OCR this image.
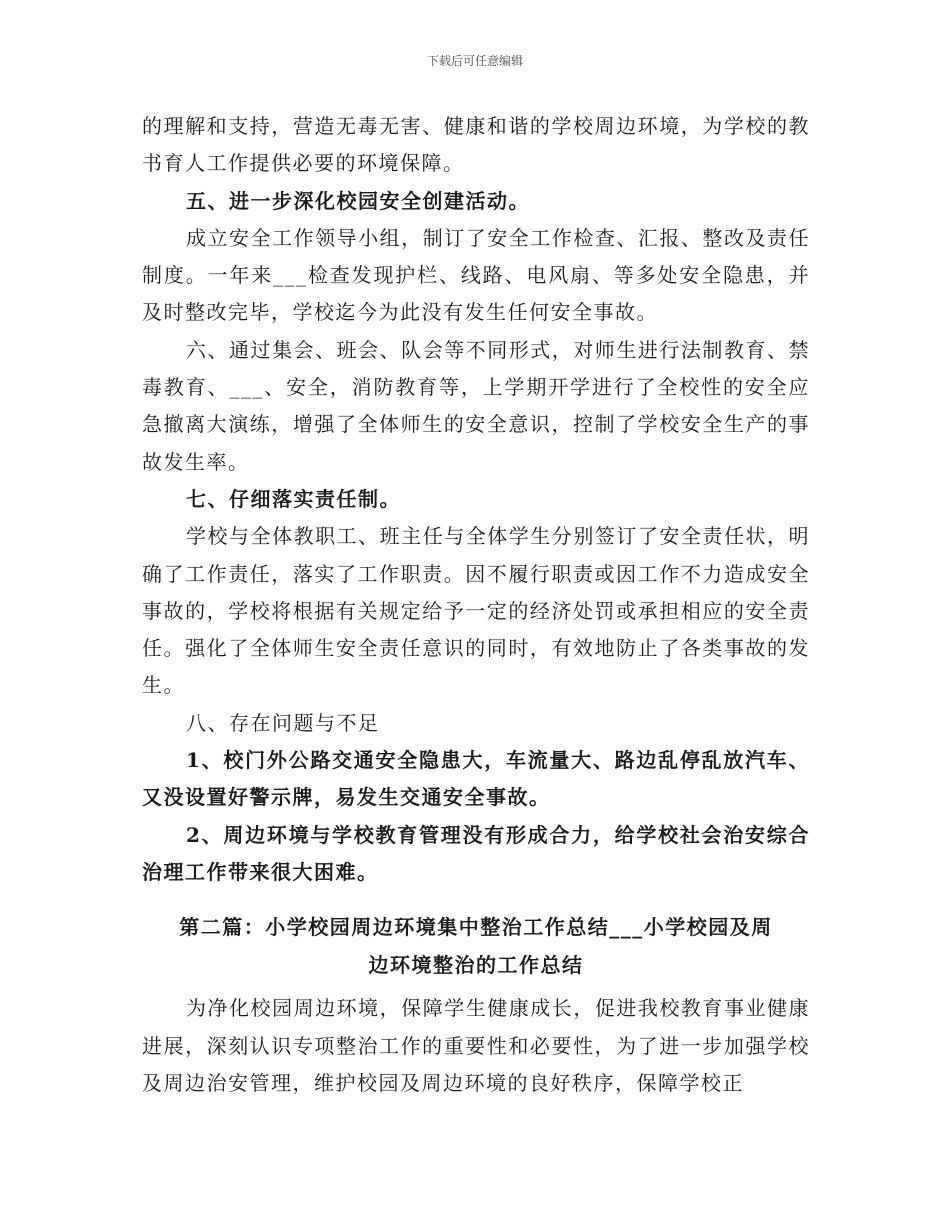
下载后可任意编辑

的理解和支持，营造无毒无害、健康和谐的学校周边环境，为学校的教书育人工作提供必要的环境保障。

五、进一步深化校园安全创建活动。

成立安全工作领导小组，制订了安全工作检查、汇报、整改及责任制度。一年来___检查发现护栏、线路、电风扇、等多处安全隐患，并及时整改完毕，学校迄今为此没有发生任何安全事故。

六、通过集会、班会、队会等不同形式，对师生进行法制教育、禁毒教育、___、安全，消防教育等，上学期开学进行了全校性的安全应急撤离大演练，增强了全体师生的安全意识，控制了学校安全生产的事故发生率。

七、仔细落实责任制。

学校与全体教职工、班主任与全体学生分别签订了安全责任状，明确了工作责任，落实了工作职责。因不履行职责或因工作不力造成安全事故的，学校将根据有关规定给予一定的经济处罚或承担相应的安全责任。强化了全体师生安全责任意识的同时，有效地防止了各类事故的发生。

八、存在问题与不足

1、校门外公路交通安全隐患大，车流量大、路边乱停乱放汽车、又没设置好警示牌，易发生交通安全事故。

2、周边环境与学校教育管理没有形成合力，给学校社会治安综合治理工作带来很大困难。

第二篇：小学校园周边环境集中整治工作总结___小学校园及周
边环境整治的工作总结

为净化校园周边环境，保障学生健康成长，促进我校教育事业健康进展，深刻认识专项整治工作的重要性和必要性，为了进一步加强学校及周边治安管理，维护校园及周边环境的良好秩序，保障学校正
